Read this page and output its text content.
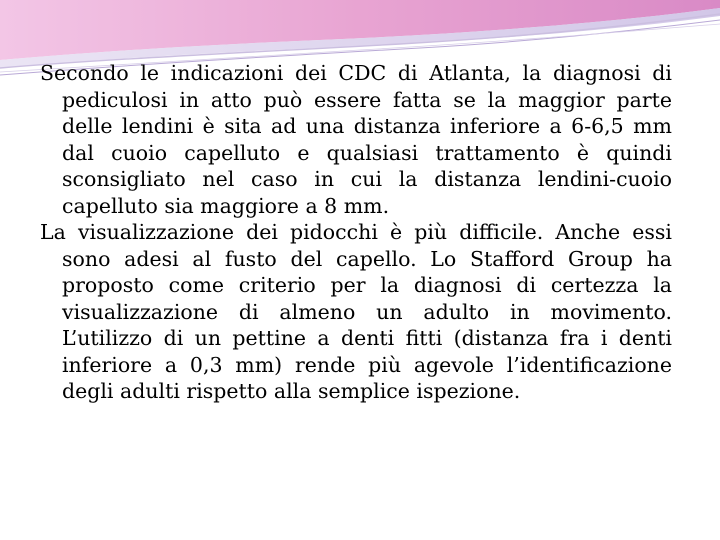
Secondo le indicazioni dei CDC di Atlanta, la diagnosi di pediculosi in atto può essere fatta se la maggior parte delle lendini è sita ad una distanza inferiore a 6-6,5 mm dal cuoio capelluto e qualsiasi trattamento è quindi sconsigliato nel caso in cui la distanza lendini-cuoio capelluto sia maggiore a 8 mm.

La visualizzazione dei pidocchi è più difficile. Anche essi sono adesi al fusto del capello. Lo Stafford Group ha proposto come criterio per la diagnosi di certezza la visualizzazione di almeno un adulto in movimento. L’utilizzo di un pettine a denti fitti (distanza fra i denti inferiore a 0,3 mm) rende più agevole l’identificazione degli adulti rispetto alla semplice ispezione.
